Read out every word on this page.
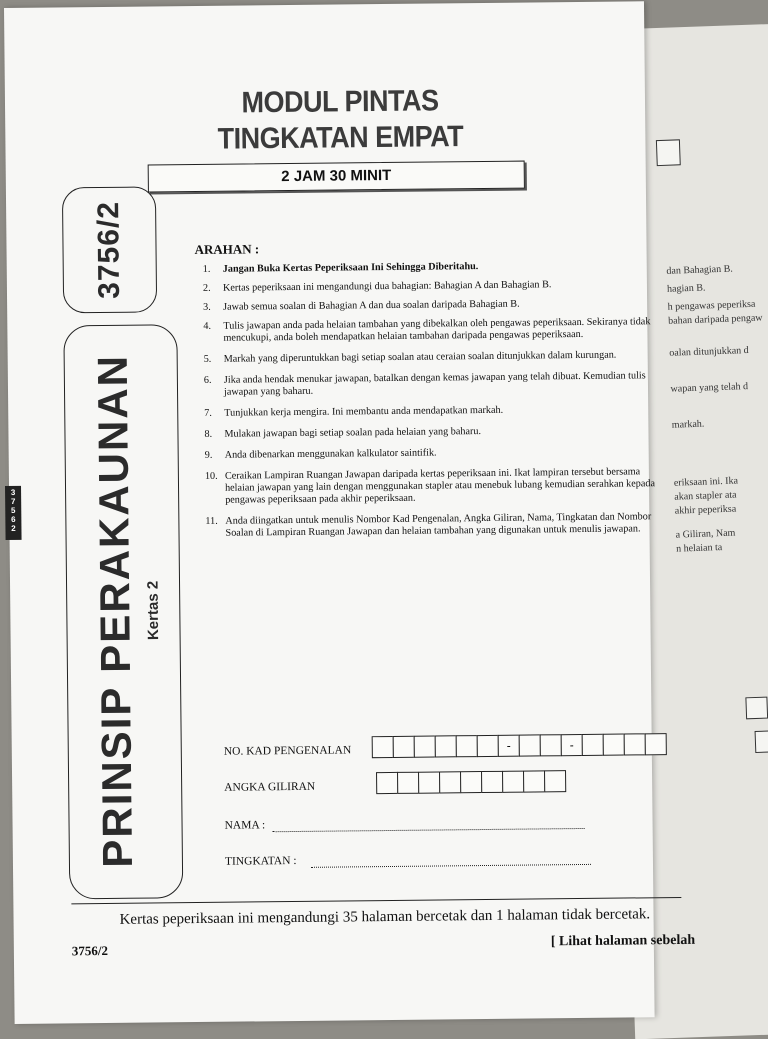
dan Bahagian B.
hagian B.
h pengawas peperiksa
bahan daripada pengaw
oalan ditunjukkan d
wapan yang telah d
markah.
eriksaan ini. Ika
akan stapler ata
akhir peperiksa
a Giliran, Nam
n helaian ta
3
7
5
6
2
MODUL PINTAS
TINGKATAN EMPAT
2 JAM 30 MINIT
3756/2
PRINSIP PERAKAUNAN Kertas 2
ARAHAN :
1. Jangan Buka Kertas Peperiksaan Ini Sehingga Diberitahu.
2. Kertas peperiksaan ini mengandungi dua bahagian: Bahagian A dan Bahagian B.
3. Jawab semua soalan di Bahagian A dan dua soalan daripada Bahagian B.
4. Tulis jawapan anda pada helaian tambahan yang dibekalkan oleh pengawas peperiksaan. Sekiranya tidak mencukupi, anda boleh mendapatkan helaian tambahan daripada pengawas peperiksaan.
5. Markah yang diperuntukkan bagi setiap soalan atau ceraian soalan ditunjukkan dalam kurungan.
6. Jika anda hendak menukar jawapan, batalkan dengan kemas jawapan yang telah dibuat. Kemudian tulis jawapan yang baharu.
7. Tunjukkan kerja mengira. Ini membantu anda mendapatkan markah.
8. Mulakan jawapan bagi setiap soalan pada helaian yang baharu.
9. Anda dibenarkan menggunakan kalkulator saintifik.
10. Ceraikan Lampiran Ruangan Jawapan daripada kertas peperiksaan ini. Ikat lampiran tersebut bersama helaian jawapan yang lain dengan menggunakan stapler atau menebuk lubang kemudian serahkan kepada pengawas peperiksaan pada akhir peperiksaan.
11. Anda diingatkan untuk menulis Nombor Kad Pengenalan, Angka Giliran, Nama, Tingkatan dan Nombor Soalan di Lampiran Ruangan Jawapan dan helaian tambahan yang digunakan untuk menulis jawapan.
NO. KAD PENGENALAN	-	-
ANGKA GILIRAN
NAMA :
TINGKATAN :
Kertas peperiksaan ini mengandungi 35 halaman bercetak dan 1 halaman tidak bercetak.
3756/2
[ Lihat halaman sebelah
